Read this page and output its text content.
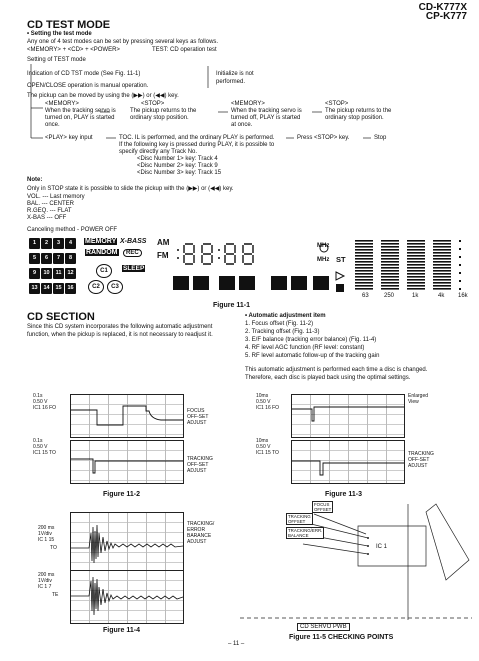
CD-K777X
CP-K777
CD TEST MODE
• Setting the test mode
Any one of 4 test modes can be set by pressing several keys as follows.
<MEMORY> + <CD> + <POWER>	TEST: CD operation test
Setting of TEST mode
Indication of CD TST mode (See Fig. 11-1)
OPEN/CLOSE operation is manual operation.
Initialize is not
performed.
The pickup can be moved by using the (▶▶) or (◀◀) key.
<MEMORY>
When the tracking servo is
turned on, PLAY is started
once.
<STOP>
The pickup returns to the
ordinary stop position.
<MEMORY>
When the tracking servo is
turned off, PLAY is started
at once.
<STOP>
The pickup returns to the
ordinary stop position.
<PLAY> key input	TOC. IL is performed, and the ordinary PLAY is performed.
If the following key is pressed during PLAY, it is possible to
specify directly any Track No.
<Disc Number 1> key: Track 4
<Disc Number 2> key: Track 9
<Disc Number 3> key: Track 15
Press <STOP> key.	Stop
Note:
Only in STOP state it is possible to slide the pickup with the (▶▶) or (◀◀) key.
VOL. --- Last memory
BAL. --- CENTER
R.GEQ. --- FLAT
X-BAS --- OFF
Canceling method - POWER OFF
1	2	3	4
5	6	7	8
9	10	11	12
13	14	15	16
MEMORY X-BASS
RANDOM	REC
AM
FM
C1	SLEEP
C2	C3
MHz
MHz ST
63	250	1k	4k 16k
Figure 11-1
CD SECTION
Since this CD system incorporates the following automatic adjustment
function, when the pickup is replaced, it is not necessary to readjust it.
• Automatic adjustment item
1. Focus offset (Fig. 11-2)
2. Tracking offset (Fig. 11-3)
3. E/F balance (tracking error balance) (Fig. 11-4)
4. RF level AGC function (RF level: constant)
5. RF level automatic follow-up of the tracking gain
This automatic adjustment is performed each time a disc is changed.
Therefore, each disc is played back using the optimal settings.
0.1s
0.50 V
IC1 16 FO	FOCUS
OFF-SET
ADJUST
0.1s
0.50 V
IC1 15 TO
TRACKING
OFF-SET
ADJUST
Figure 11-2
10ms
0.50 V
IC1 16 FO
Enlarged
View
10ms
0.50 V
IC1 15 TO	TRACKING
OFF-SET
ADJUST
Figure 11-3
200 ms
1V/div
IC 1 15
TO
TRACKING/
ERROR
BARANCE
ADJUST
200 ms
1V/div
IC 1 7
TE
Figure 11-4
FOCUS
OFFSET
TRACKING
OFFSET
TRACKING/ERR.
BALANCE
IC 1
CD SERVO PWB
Figure 11-5 CHECKING POINTS
– 11 –
